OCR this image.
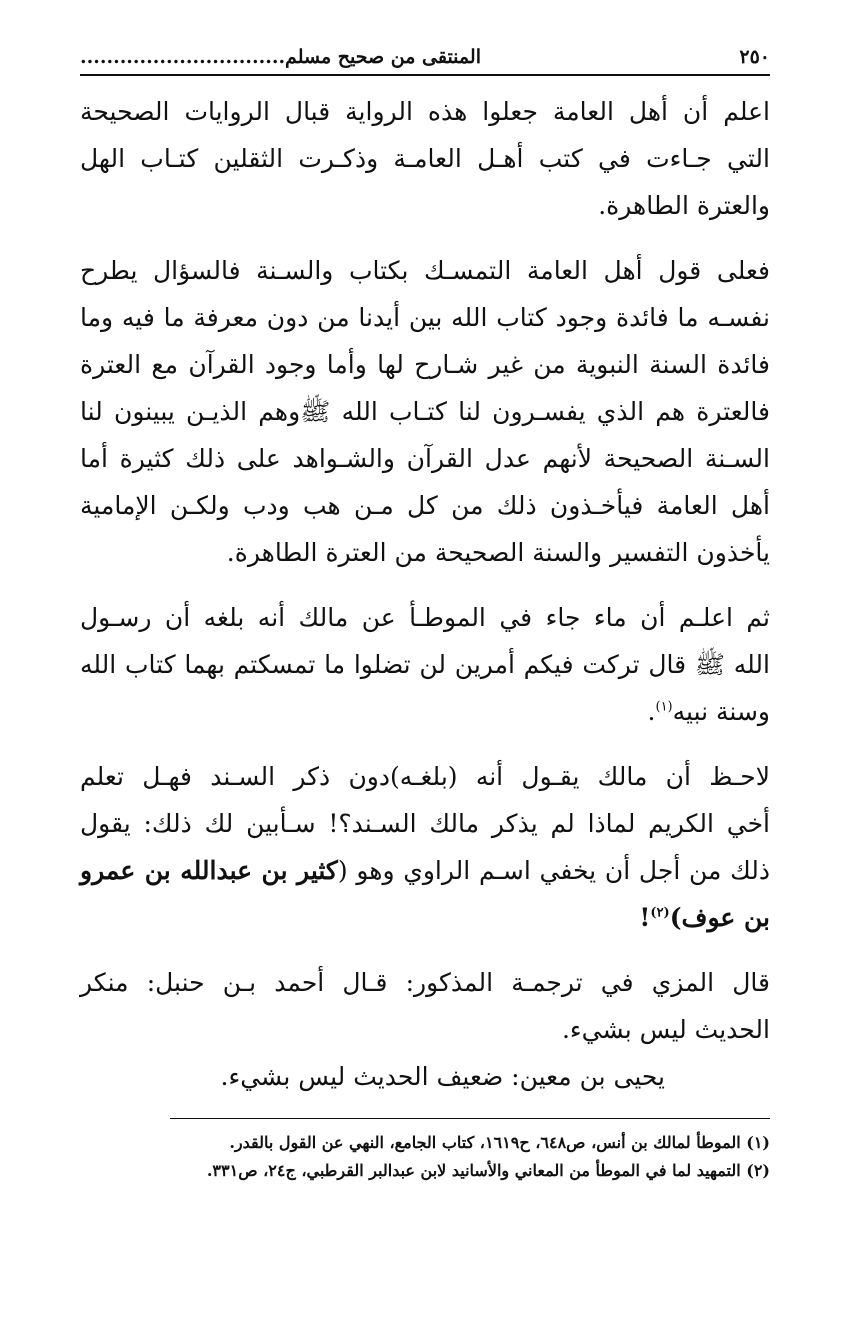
٢٥٠
المنتقى من صحيح مسلم...............................

اعلم أن أهل العامة جعلوا هذه الرواية قبال الروايات الصحيحة
التي جـاءت في كتب أهـل العامـة وذكـرت الثقلين كتـاب الهل
والعترة الطاهرة.

فعلى قول أهل العامة التمسـك بكتاب والسـنة فالسؤال يطرح
نفسـه ما فائدة وجود كتاب الله بين أيدنا من دون معرفة ما فيه وما
فائدة السنة النبوية من غير شـارح لها وأما وجود القرآن مع العترة
فالعترة هم الذي يفسـرون لنا كتـاب الله ﷺوهم الذيـن يبينون لنا
السـنة الصحيحة لأنهم عدل القرآن والشـواهد على ذلك كثيرة أما
أهل العامة فيأخـذون ذلك من كل مـن هب ودب ولكـن الإمامية
يأخذون التفسير والسنة الصحيحة من العترة الطاهرة.

ثم اعلـم أن ماء جاء في الموطـأ عن مالك أنه بلغه أن رسـول
الله ﷺ قال تركت فيكم أمرين لن تضلوا ما تمسكتم بهما كتاب الله
وسنة نبيه$^{(١)}$.

لاحـظ أن مالك يقـول أنه (بلغـه)دون ذكر السـند فهـل تعلم
أخي الكريم لماذا لم يذكر مالك السـند؟! سـأبين لك ذلك: يقول
ذلك من أجل أن يخفي اسـم الراوي وهو (كثير بن عبدالله بن عمرو
بن عوف)$^{(٢)}$!

قال المزي في ترجمـة المذكور: قـال أحمد بـن حنبل: منكر
الحديث ليس بشيء.
يحيى بن معين: ضعيف الحديث ليس بشيء.

(١) الموطأ لمالك بن أنس، ص٦٤٨، ح١٦١٩، كتاب الجامع، النهي عن القول بالقدر.
(٢) التمهيد لما في الموطأ من المعاني والأسانيد لابن عبدالبر القرطبي، ج٢٤، ص٣٣١.
